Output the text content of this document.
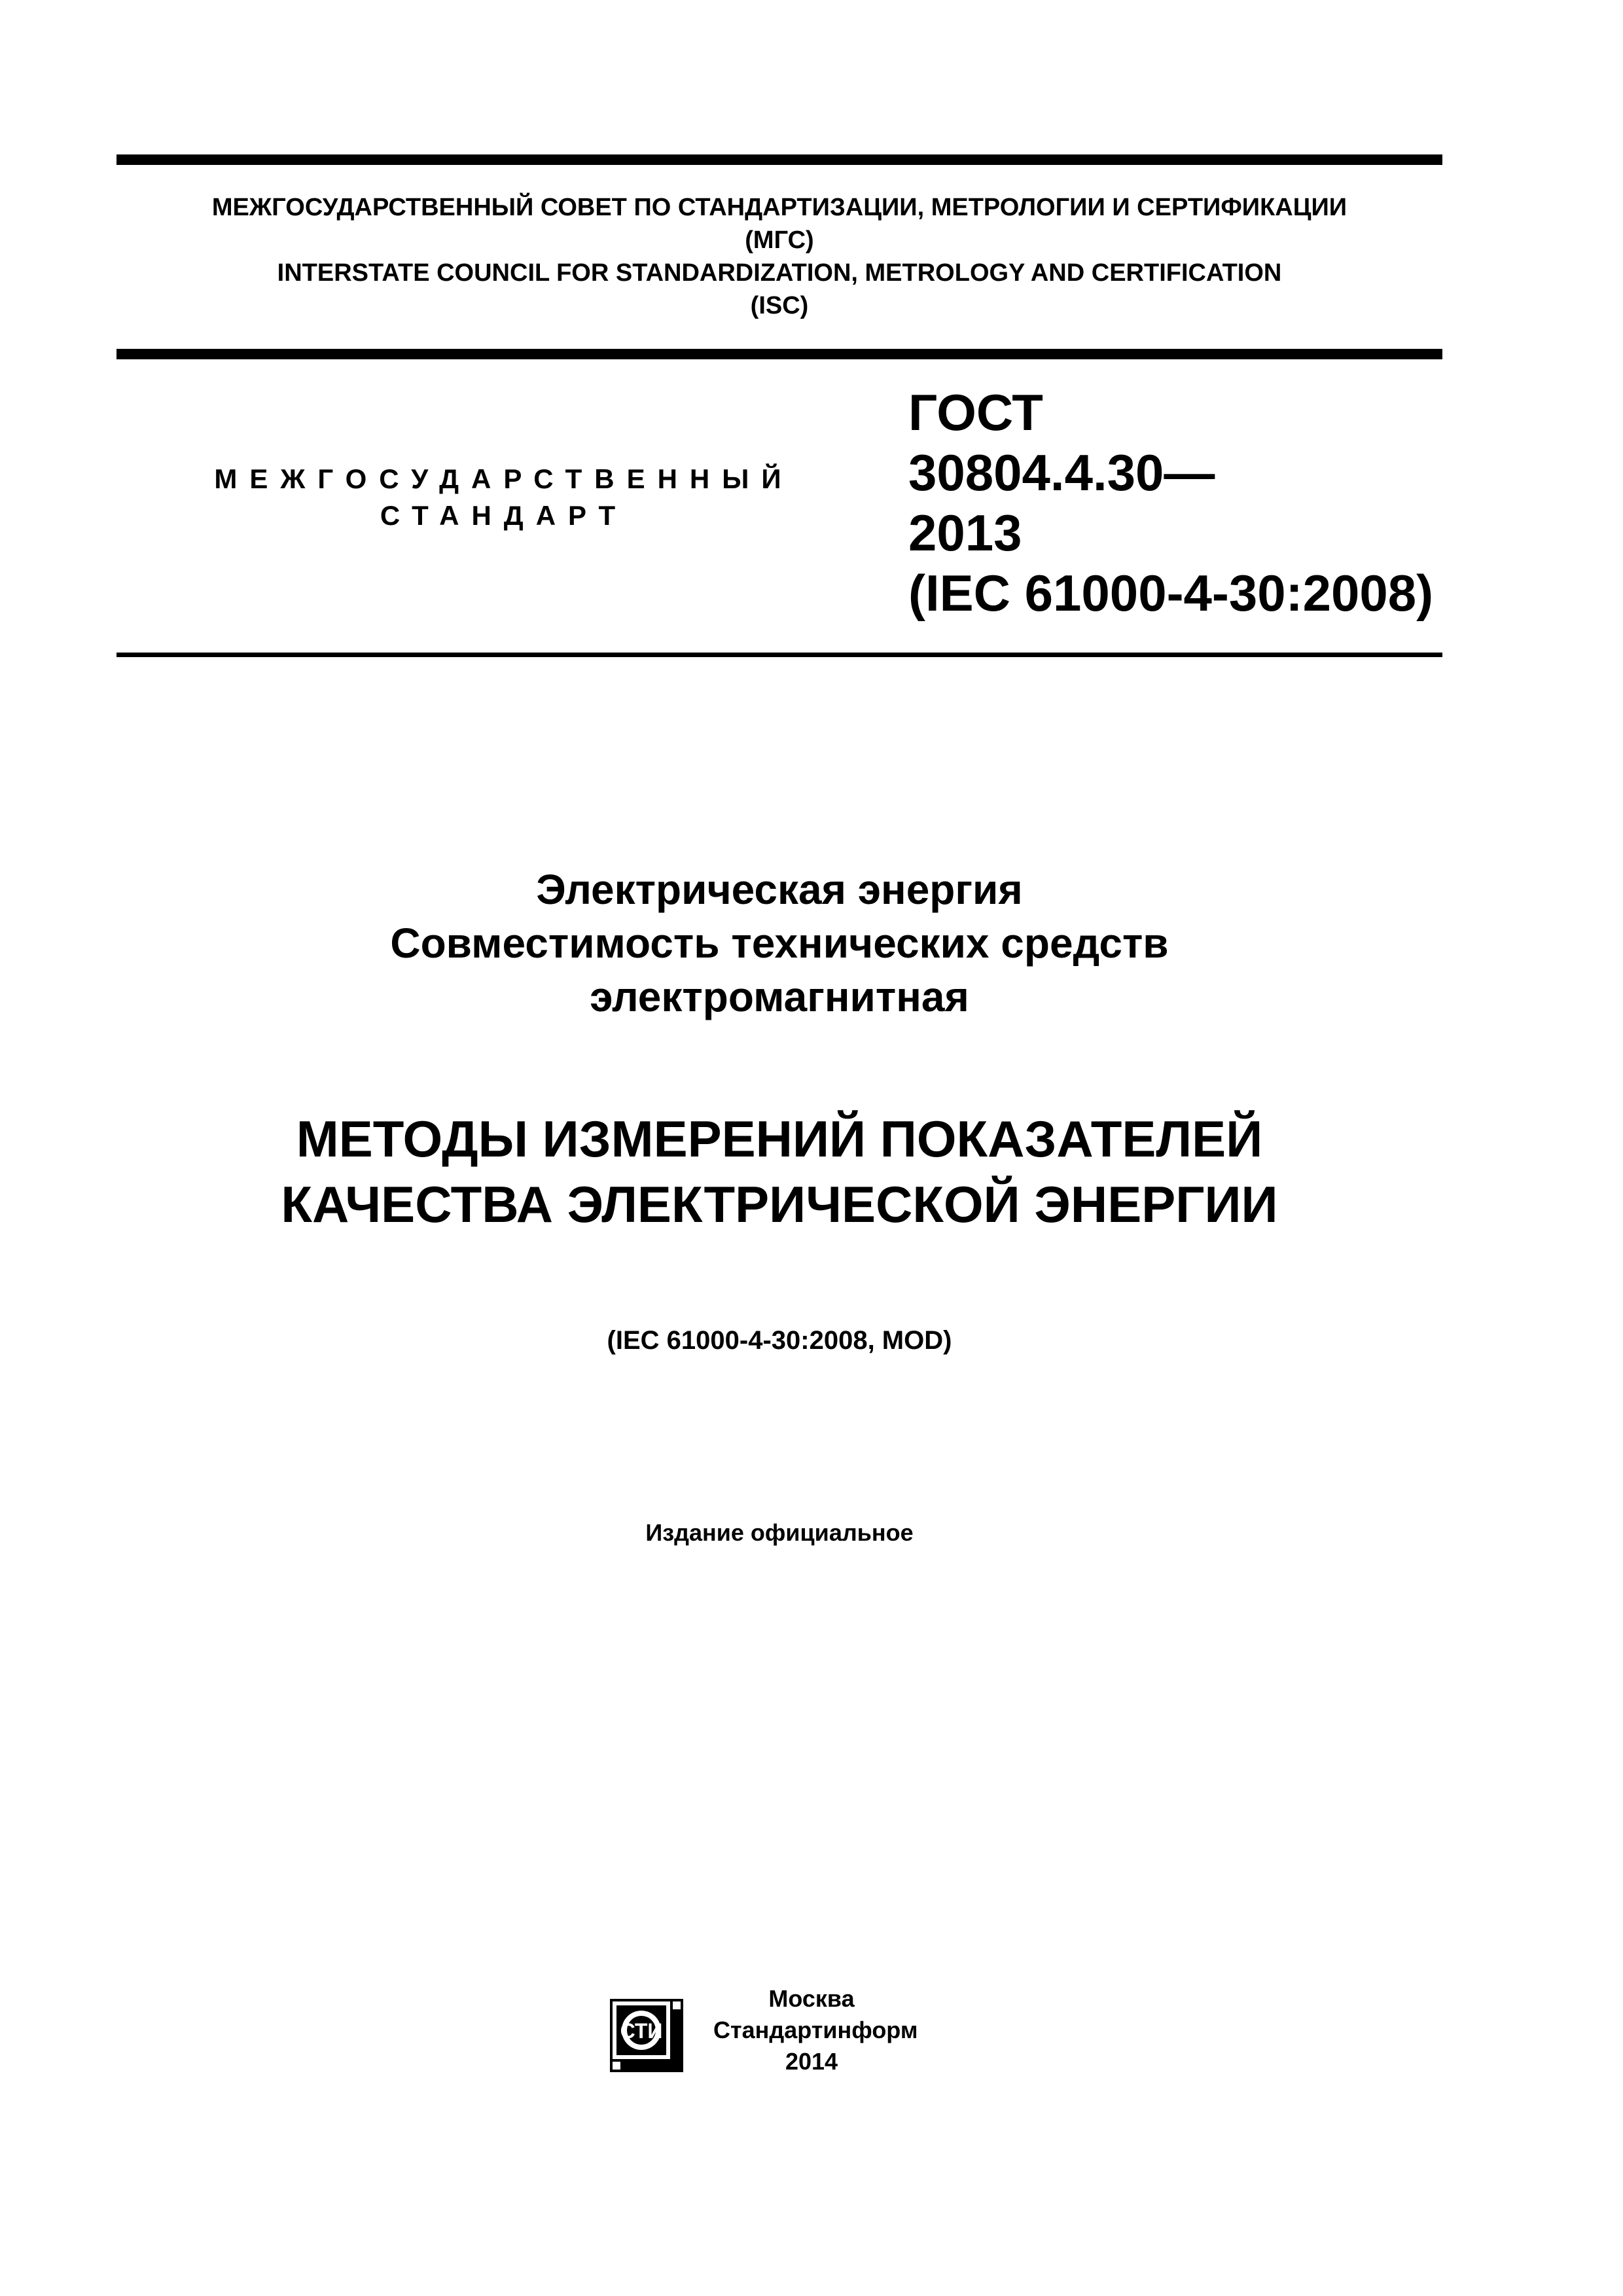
МЕЖГОСУДАРСТВЕННЫЙ СОВЕТ ПО СТАНДАРТИЗАЦИИ, МЕТРОЛОГИИ И СЕРТИФИКАЦИИ
(МГС)
INTERSTATE COUNCIL FOR STANDARDIZATION, METROLOGY AND CERTIFICATION
(ISC)
МЕЖГОСУДАРСТВЕННЫЙ
СТАНДАРТ
ГОСТ
30804.4.30—
2013
(IEC 61000-4-30:2008)
Электрическая энергия
Совместимость технических средств
электромагнитная
МЕТОДЫ ИЗМЕРЕНИЙ ПОКАЗАТЕЛЕЙ
КАЧЕСТВА ЭЛЕКТРИЧЕСКОЙ ЭНЕРГИИ
(IEC 61000-4-30:2008, MOD)
Издание официальное
СТИ
Москва
Стандартинформ
2014
